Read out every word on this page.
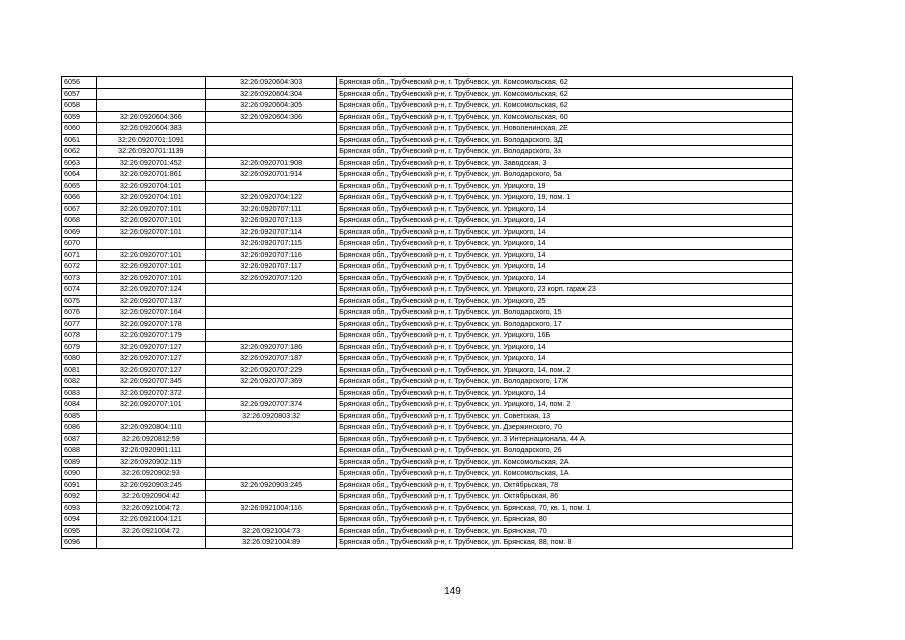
6056		32:26:0920604:303	Брянская обл., Трубчевский р-н, г. Трубчевск, ул. Комсомольская, 62
6057		32:26:0920604:304	Брянская обл., Трубчевский р-н, г. Трубчевск, ул. Комсомольская, 62
6058		32:26:0920604:305	Брянская обл., Трубчевский р-н, г. Трубчевск, ул. Комсомольская, 62
6059	32:26:0920604:366	32:26:0920604:306	Брянская обл., Трубчевский р-н, г. Трубчевск, ул. Комсомольская, 60
6060	32:26:0920604:383		Брянская обл., Трубчевский р-н, г. Трубчевск, ул. Новоленинская, 2Е
6061	32:26:0920701:1091		Брянская обл., Трубчевский р-н, г. Трубчевск, ул. Володарского, 3Д
6062	32:26:0920701:1139		Брянская обл., Трубчевский р-н, г. Трубчевск, ул. Володарского, 3з
6063	32:26:0920701:452	32:26:0920701:908	Брянская обл., Трубчевский р-н, г. Трубчевск, ул. Заводская, 3
6064	32:26:0920701:861	32:26:0920701:914	Брянская обл., Трубчевский р-н, г. Трубчевск, ул. Володарского, 5а
6065	32:26:0920704:101		Брянская обл., Трубчевский р-н, г. Трубчевск, ул. Урицкого, 19
6066	32:26:0920704:101	32:26:0920704:122	Брянская обл., Трубчевский р-н, г. Трубчевск, ул. Урицкого, 19, пом. 1
6067	32:26:0920707:101	32:26:0920707:111	Брянская обл., Трубчевский р-н, г. Трубчевск, ул. Урицкого, 14
6068	32:26:0920707:101	32:26:0920707:113	Брянская обл., Трубчевский р-н, г. Трубчевск, ул. Урицкого, 14
6069	32:26:0920707:101	32:26:0920707:114	Брянская обл., Трубчевский р-н, г. Трубчевск, ул. Урицкого, 14
6070		32:26:0920707:115	Брянская обл., Трубчевский р-н, г. Трубчевск, ул. Урицкого, 14
6071	32:26:0920707:101	32:26:0920707:116	Брянская обл., Трубчевский р-н, г. Трубчевск, ул. Урицкого, 14
6072	32:26:0920707:101	32:26:0920707:117	Брянская обл., Трубчевский р-н, г. Трубчевск, ул. Урицкого, 14
6073	32:26:0920707:101	32:26:0920707:120	Брянская обл., Трубчевский р-н, г. Трубчевск, ул. Урицкого, 14
6074	32:26:0920707:124		Брянская обл., Трубчевский р-н, г. Трубчевск, ул. Урицкого, 23 корп. гараж 23
6075	32:26:0920707:137		Брянская обл., Трубчевский р-н, г. Трубчевск, ул. Урицкого, 25
6076	32:26:0920707:164		Брянская обл., Трубчевский р-н, г. Трубчевск, ул. Володарского, 15
6077	32:26:0920707:178		Брянская обл., Трубчевский р-н, г. Трубчевск, ул. Володарского, 17
6078	32:26:0920707:179		Брянская обл., Трубчевский р-н, г. Трубчевск, ул. Урицкого, 16Б
6079	32:26:0920707:127	32:26:0920707:186	Брянская обл., Трубчевский р-н, г. Трубчевск, ул. Урицкого, 14
6080	32:26:0920707:127	32:26:0920707:187	Брянская обл., Трубчевский р-н, г. Трубчевск, ул. Урицкого, 14
6081	32:26:0920707:127	32:26:0920707:229	Брянская обл., Трубчевский р-н, г. Трубчевск, ул. Урицкого, 14, пом. 2
6082	32:26:0920707:345	32:26:0920707:369	Брянская обл., Трубчевский р-н, г. Трубчевск, ул. Володарского, 17Ж
6083	32:26:0920707:372		Брянская обл., Трубчевский р-н, г. Трубчевск, ул. Урицкого, 14
6084	32:26:0920707:101	32:26:0920707:374	Брянская обл., Трубчевский р-н, г. Трубчевск, ул. Урицкого, 14, пом. 2
6085		32:26:0920803:32	Брянская обл., Трубчевский р-н, г. Трубчевск, ул. Советская, 13
6086	32:26:0920804:110		Брянская обл., Трубчевский р-н, г. Трубчевск, ул. Дзержинского, 70
6087	32:26:0920812:59		Брянская обл., Трубчевский р-н, г. Трубчевск, ул. 3 Интернационала, 44 А
6088	32:26:0920901:111		Брянская обл., Трубчевский р-н, г. Трубчевск, ул. Володарского, 26
6089	32:26:0920902:115		Брянская обл., Трубчевский р-н, г. Трубчевск, ул. Комсомольская, 2А
6090	32:26:0920902:93		Брянская обл., Трубчевский р-н, г. Трубчевск, ул. Комсомольская, 1А
6091	32:26:0920903:245	32:26:0920903:245	Брянская обл., Трубчевский р-н, г. Трубчевск, ул. Октябрьская, 78
6092	32:26:0920904:42		Брянская обл., Трубчевский р-н, г. Трубчевск, ул. Октябрьская, 86
6093	32:26:0921004:72	32:26:0921004:116	Брянская обл., Трубчевский р-н, г. Трубчевск, ул. Брянская, 70, кв. 1, пом. 1
6094	32:26:0921004:121		Брянская обл., Трубчевский р-н, г. Трубчевск, ул. Брянская, 80
6095	32:26:0921004:72	32:26:0921004:73	Брянская обл., Трубчевский р-н, г. Трубчевск, ул. Брянская, 70
6096		32:26:0921004:89	Брянская обл., Трубчевский р-н, г. Трубчевск, ул. Брянская, 88, пом. 8
149
